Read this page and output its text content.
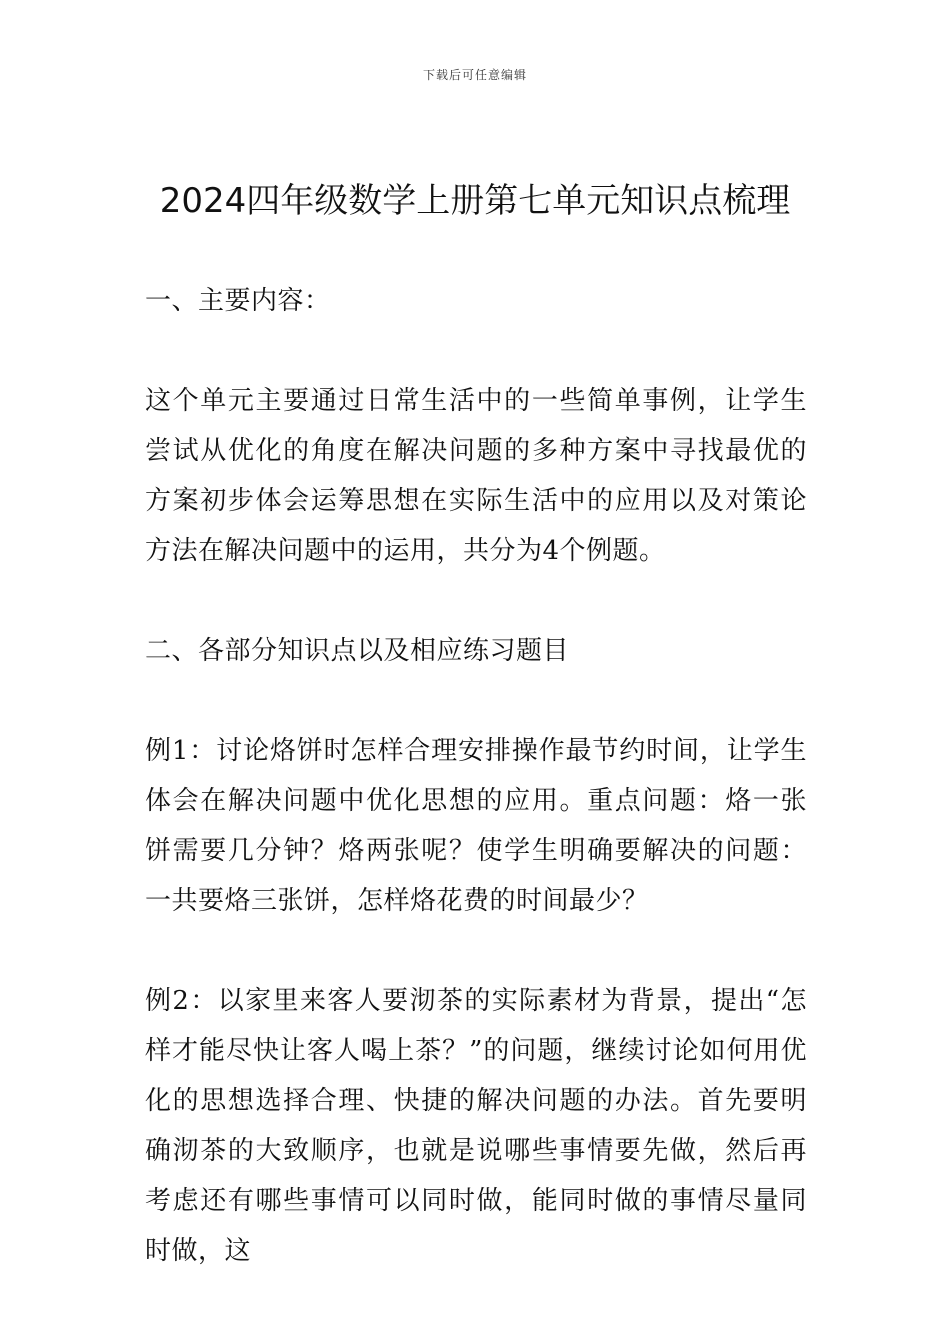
下载后可任意编辑
2024四年级数学上册第七单元知识点梳理
一、主要内容：

这个单元主要通过日常生活中的一些简单事例，让学生尝试从优化的角度在解决问题的多种方案中寻找最优的方案初步体会运筹思想在实际生活中的应用以及对策论方法在解决问题中的运用，共分为4个例题。

二、各部分知识点以及相应练习题目

例1：讨论烙饼时怎样合理安排操作最节约时间，让学生体会在解决问题中优化思想的应用。重点问题：烙一张饼需要几分钟？烙两张呢？使学生明确要解决的问题：一共要烙三张饼，怎样烙花费的时间最少？

例2：以家里来客人要沏茶的实际素材为背景，提出“怎样才能尽快让客人喝上茶？”的问题，继续讨论如何用优化的思想选择合理、快捷的解决问题的办法。首先要明确沏茶的大致顺序，也就是说哪些事情要先做，然后再考虑还有哪些事情可以同时做，能同时做的事情尽量同时做，这
